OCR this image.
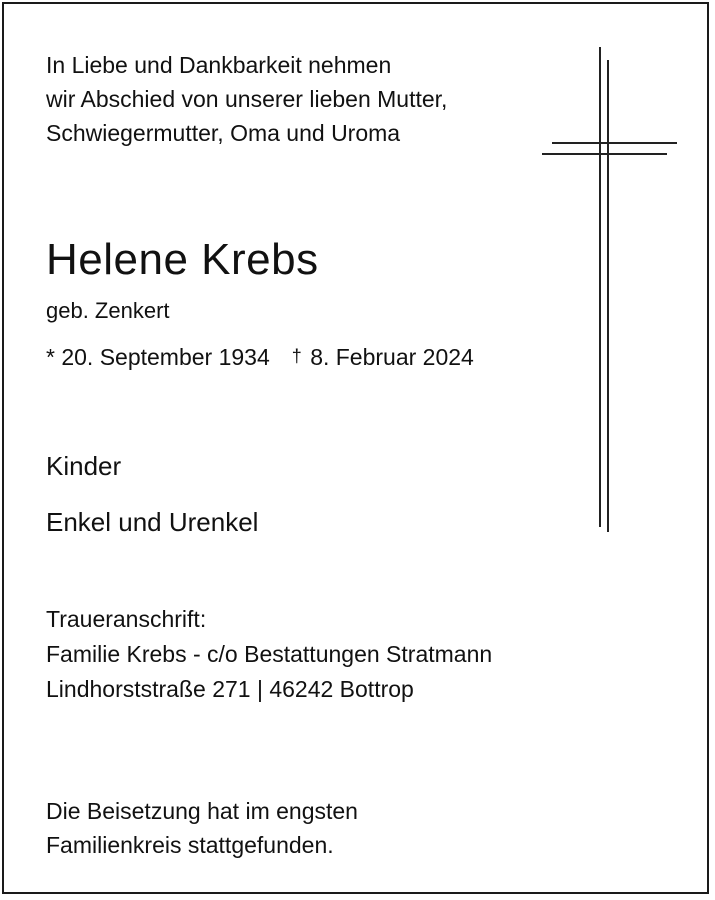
In Liebe und Dankbarkeit nehmen
wir Abschied von unserer lieben Mutter,
Schwiegermutter, Oma und Uroma

Helene Krebs

geb. Zenkert

* 20. September 1934 † 8. Februar 2024

Kinder

Enkel und Urenkel

Traueranschrift:
Familie Krebs - c/o Bestattungen Stratmann
Lindhorststraße 271 | 46242 Bottrop

Die Beisetzung hat im engsten
Familienkreis stattgefunden.
